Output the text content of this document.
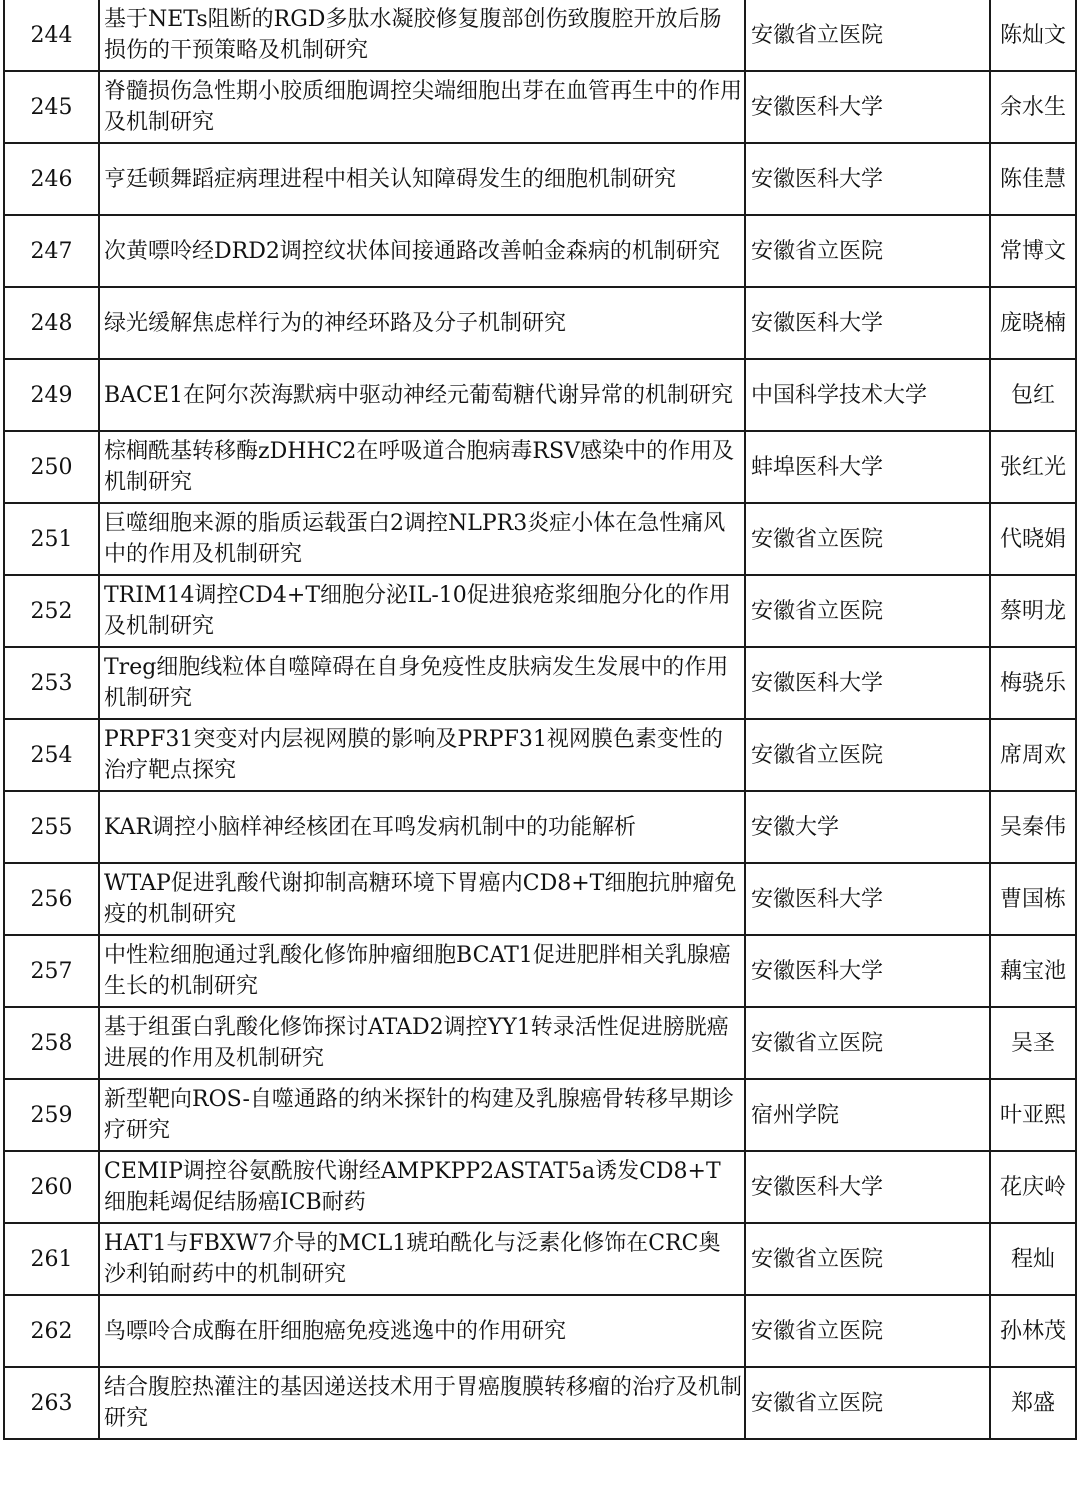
244	基于NETs阻断的RGD多肽水凝胶修复腹部创伤致腹腔开放后肠损伤的干预策略及机制研究	安徽省立医院	陈灿文
245	脊髓损伤急性期小胶质细胞调控尖端细胞出芽在血管再生中的作用及机制研究	安徽医科大学	余水生
246	亨廷顿舞蹈症病理进程中相关认知障碍发生的细胞机制研究	安徽医科大学	陈佳慧
247	次黄嘌呤经DRD2调控纹状体间接通路改善帕金森病的机制研究	安徽省立医院	常博文
248	绿光缓解焦虑样行为的神经环路及分子机制研究	安徽医科大学	庞晓楠
249	BACE1在阿尔茨海默病中驱动神经元葡萄糖代谢异常的机制研究	中国科学技术大学	包红
250	棕榈酰基转移酶zDHHC2在呼吸道合胞病毒RSV感染中的作用及机制研究	蚌埠医科大学	张红光
251	巨噬细胞来源的脂质运载蛋白2调控NLPR3炎症小体在急性痛风中的作用及机制研究	安徽省立医院	代晓娟
252	TRIM14调控CD4+T细胞分泌IL-10促进狼疮浆细胞分化的作用及机制研究	安徽省立医院	蔡明龙
253	Treg细胞线粒体自噬障碍在自身免疫性皮肤病发生发展中的作用机制研究	安徽医科大学	梅骁乐
254	PRPF31突变对内层视网膜的影响及PRPF31视网膜色素变性的治疗靶点探究	安徽省立医院	席周欢
255	KAR调控小脑样神经核团在耳鸣发病机制中的功能解析	安徽大学	吴秦伟
256	WTAP促进乳酸代谢抑制高糖环境下胃癌内CD8+T细胞抗肿瘤免疫的机制研究	安徽医科大学	曹国栋
257	中性粒细胞通过乳酸化修饰肿瘤细胞BCAT1促进肥胖相关乳腺癌生长的机制研究	安徽医科大学	藕宝池
258	基于组蛋白乳酸化修饰探讨ATAD2调控YY1转录活性促进膀胱癌进展的作用及机制研究	安徽省立医院	吴圣
259	新型靶向ROS-自噬通路的纳米探针的构建及乳腺癌骨转移早期诊疗研究	宿州学院	叶亚熙
260	CEMIP调控谷氨酰胺代谢经AMPKPP2ASTAT5a诱发CD8+T细胞耗竭促结肠癌ICB耐药	安徽医科大学	花庆岭
261	HAT1与FBXW7介导的MCL1琥珀酰化与泛素化修饰在CRC奥沙利铂耐药中的机制研究	安徽省立医院	程灿
262	鸟嘌呤合成酶在肝细胞癌免疫逃逸中的作用研究	安徽省立医院	孙林茂
263	结合腹腔热灌注的基因递送技术用于胃癌腹膜转移瘤的治疗及机制研究	安徽省立医院	郑盛
